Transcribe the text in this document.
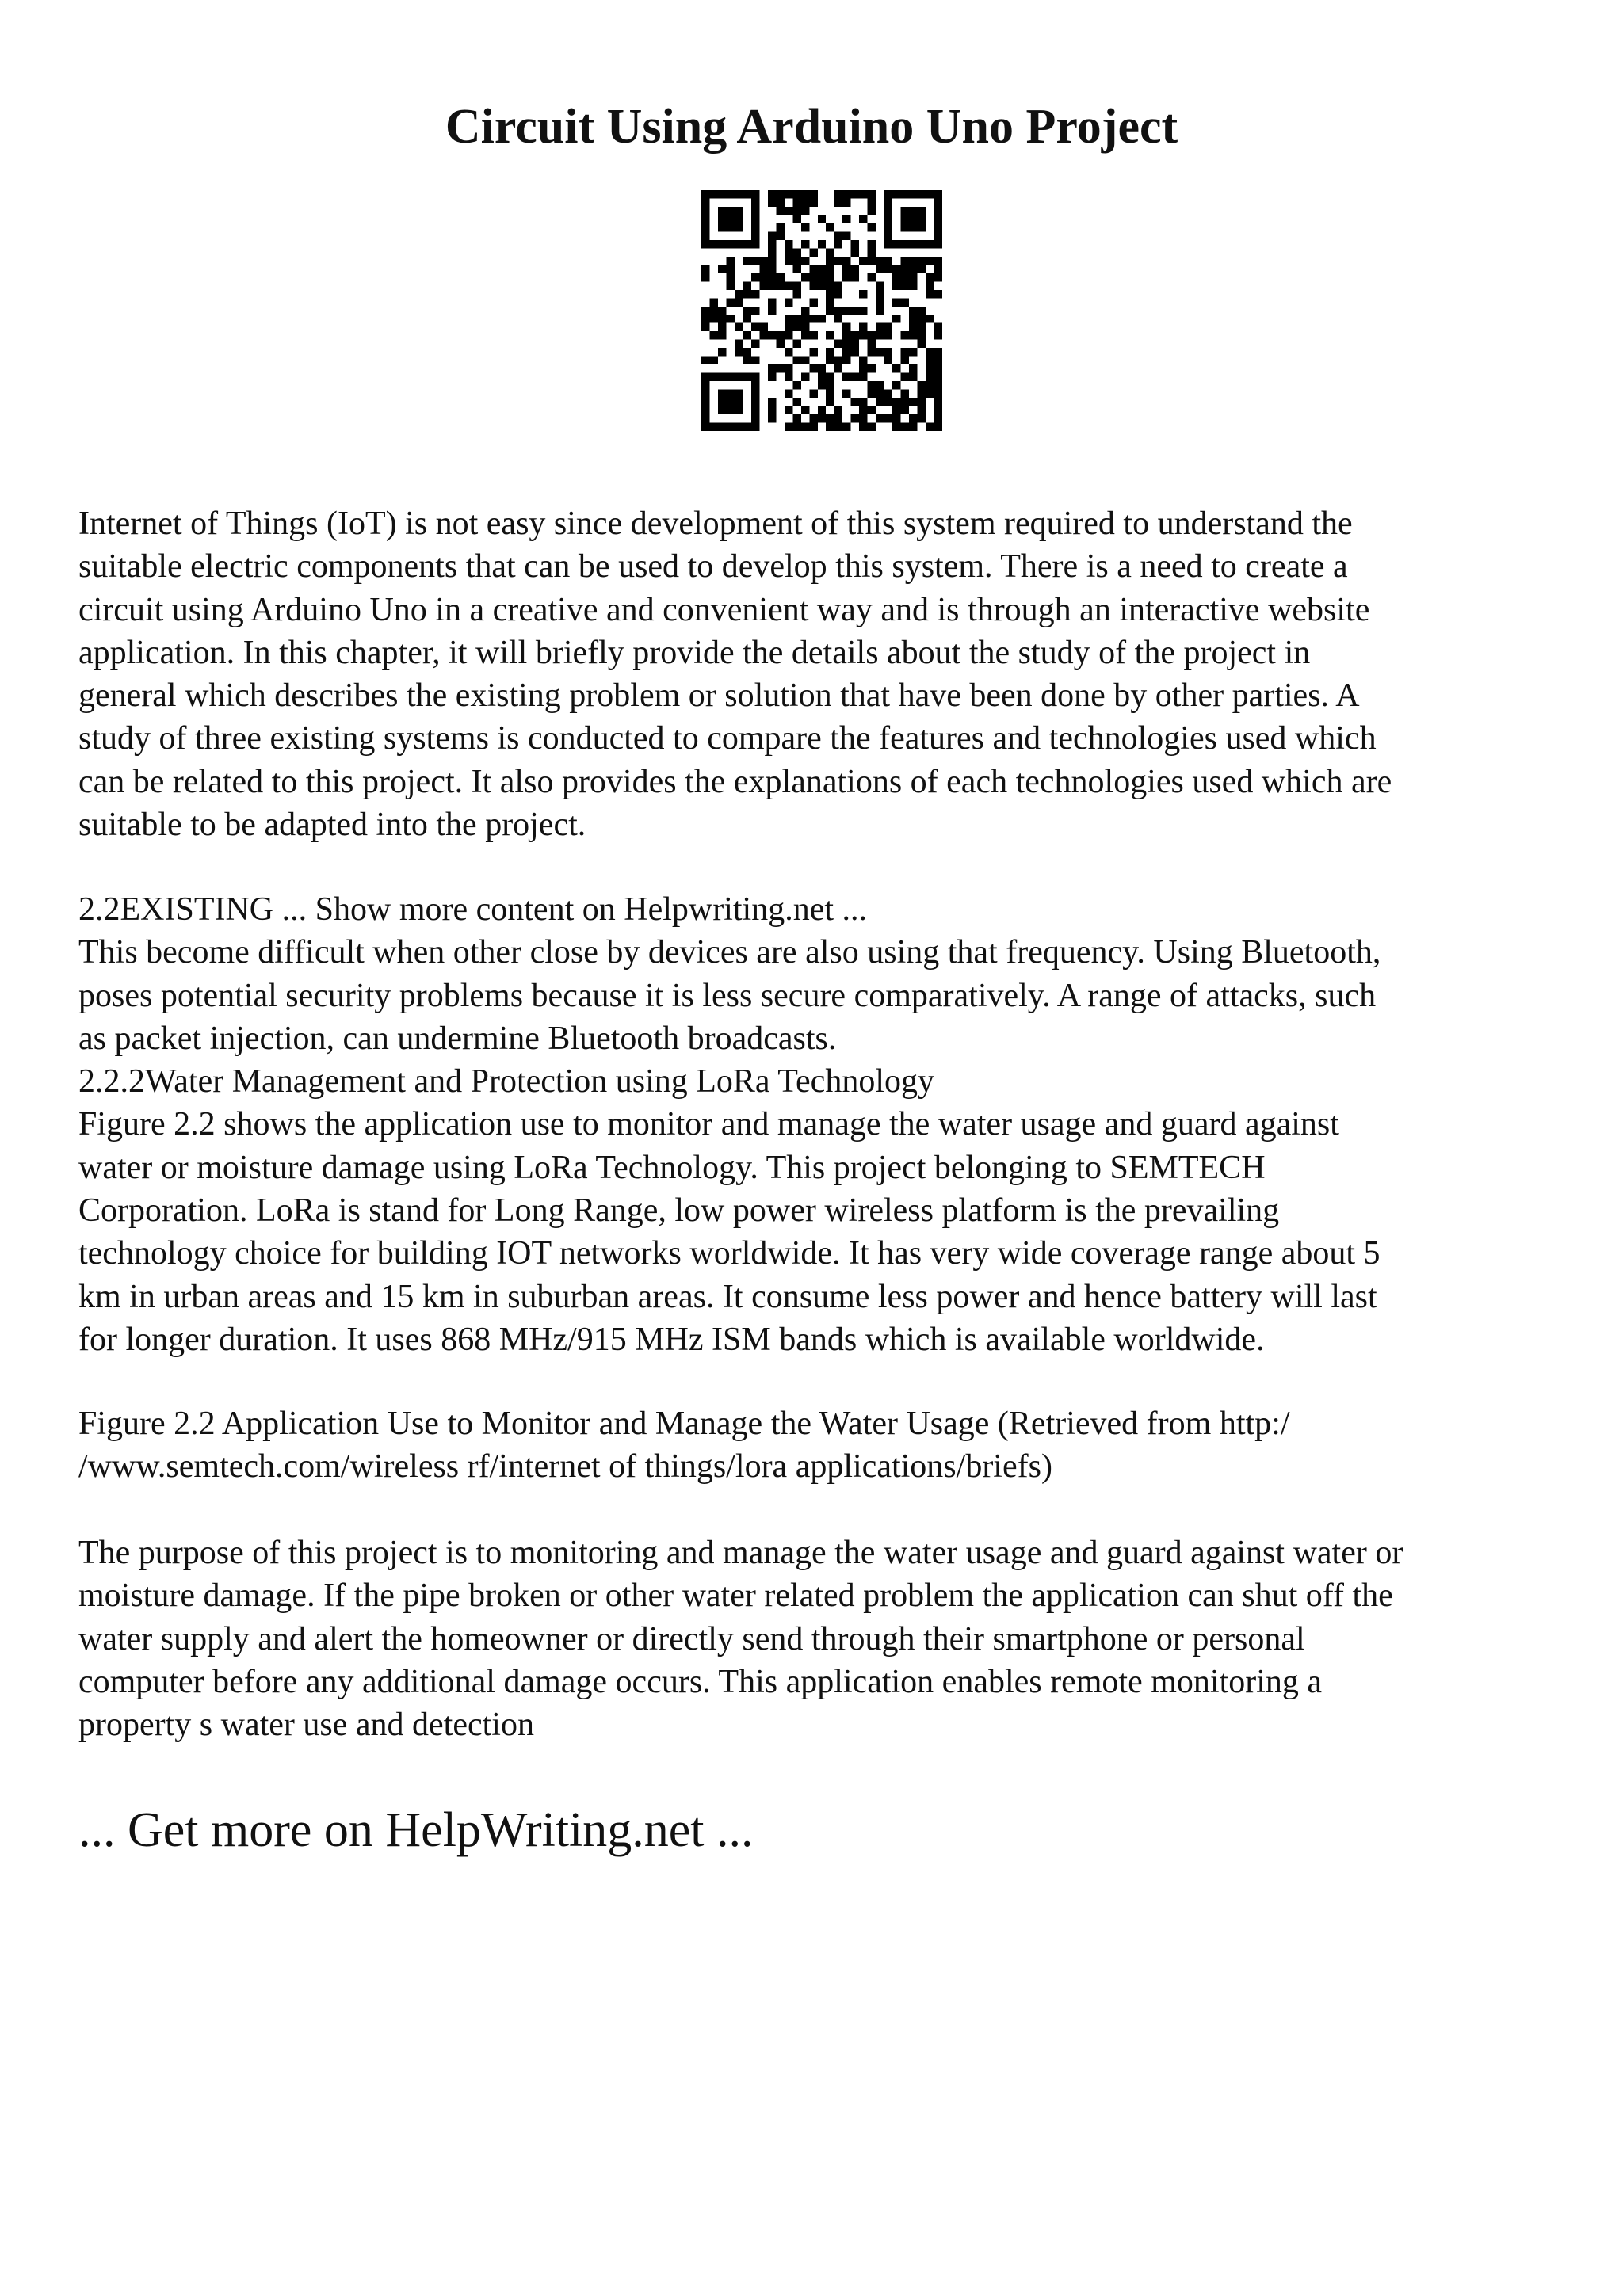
Circuit Using Arduino Uno Project

Internet of Things (IoT) is not easy since development of this system required to understand the
suitable electric components that can be used to develop this system. There is a need to create a
circuit using Arduino Uno in a creative and convenient way and is through an interactive website
application. In this chapter, it will briefly provide the details about the study of the project in
general which describes the existing problem or solution that have been done by other parties. A
study of three existing systems is conducted to compare the features and technologies used which
can be related to this project. It also provides the explanations of each technologies used which are
suitable to be adapted into the project.

2.2EXISTING ... Show more content on Helpwriting.net ...
This become difficult when other close by devices are also using that frequency. Using Bluetooth,
poses potential security problems because it is less secure comparatively. A range of attacks, such
as packet injection, can undermine Bluetooth broadcasts.
2.2.2Water Management and Protection using LoRa Technology
Figure 2.2 shows the application use to monitor and manage the water usage and guard against
water or moisture damage using LoRa Technology. This project belonging to SEMTECH
Corporation. LoRa is stand for Long Range, low power wireless platform is the prevailing
technology choice for building IOT networks worldwide. It has very wide coverage range about 5
km in urban areas and 15 km in suburban areas. It consume less power and hence battery will last
for longer duration. It uses 868 MHz/915 MHz ISM bands which is available worldwide.

Figure 2.2 Application Use to Monitor and Manage the Water Usage (Retrieved from http:/
/www.semtech.com/wireless rf/internet of things/lora applications/briefs)

The purpose of this project is to monitoring and manage the water usage and guard against water or
moisture damage. If the pipe broken or other water related problem the application can shut off the
water supply and alert the homeowner or directly send through their smartphone or personal
computer before any additional damage occurs. This application enables remote monitoring a
property s water use and detection

... Get more on HelpWriting.net ...
